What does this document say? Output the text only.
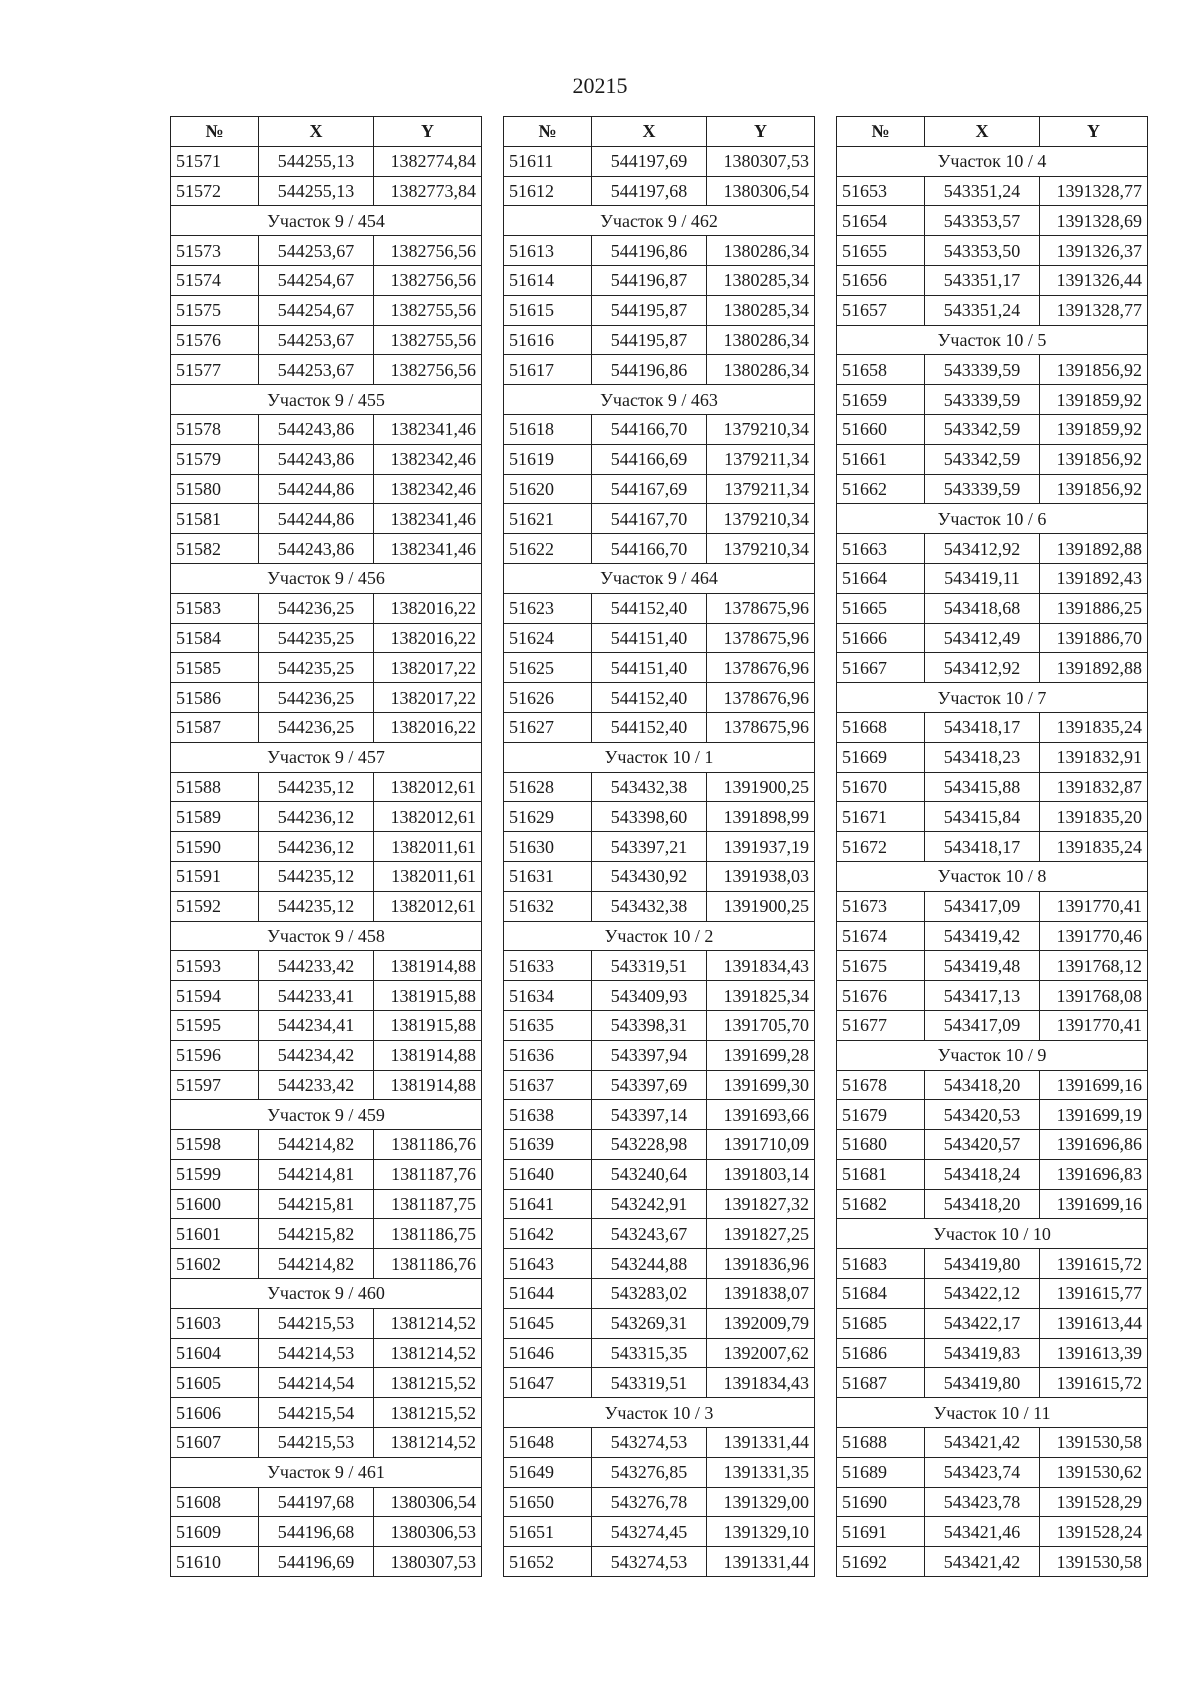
20215
№	X	Y
51571	544255,13	1382774,84
51572	544255,13	1382773,84
Участок 9 / 454		
51573	544253,67	1382756,56
51574	544254,67	1382756,56
51575	544254,67	1382755,56
51576	544253,67	1382755,56
51577	544253,67	1382756,56
Участок 9 / 455		
51578	544243,86	1382341,46
51579	544243,86	1382342,46
51580	544244,86	1382342,46
51581	544244,86	1382341,46
51582	544243,86	1382341,46
Участок 9 / 456		
51583	544236,25	1382016,22
51584	544235,25	1382016,22
51585	544235,25	1382017,22
51586	544236,25	1382017,22
51587	544236,25	1382016,22
Участок 9 / 457		
51588	544235,12	1382012,61
51589	544236,12	1382012,61
51590	544236,12	1382011,61
51591	544235,12	1382011,61
51592	544235,12	1382012,61
Участок 9 / 458		
51593	544233,42	1381914,88
51594	544233,41	1381915,88
51595	544234,41	1381915,88
51596	544234,42	1381914,88
51597	544233,42	1381914,88
Участок 9 / 459		
51598	544214,82	1381186,76
51599	544214,81	1381187,76
51600	544215,81	1381187,75
51601	544215,82	1381186,75
51602	544214,82	1381186,76
Участок 9 / 460		
51603	544215,53	1381214,52
51604	544214,53	1381214,52
51605	544214,54	1381215,52
51606	544215,54	1381215,52
51607	544215,53	1381214,52
Участок 9 / 461		
51608	544197,68	1380306,54
51609	544196,68	1380306,53
51610	544196,69	1380307,53
№	X	Y
51611	544197,69	1380307,53
51612	544197,68	1380306,54
Участок 9 / 462		
51613	544196,86	1380286,34
51614	544196,87	1380285,34
51615	544195,87	1380285,34
51616	544195,87	1380286,34
51617	544196,86	1380286,34
Участок 9 / 463		
51618	544166,70	1379210,34
51619	544166,69	1379211,34
51620	544167,69	1379211,34
51621	544167,70	1379210,34
51622	544166,70	1379210,34
Участок 9 / 464		
51623	544152,40	1378675,96
51624	544151,40	1378675,96
51625	544151,40	1378676,96
51626	544152,40	1378676,96
51627	544152,40	1378675,96
Участок 10 / 1		
51628	543432,38	1391900,25
51629	543398,60	1391898,99
51630	543397,21	1391937,19
51631	543430,92	1391938,03
51632	543432,38	1391900,25
Участок 10 / 2		
51633	543319,51	1391834,43
51634	543409,93	1391825,34
51635	543398,31	1391705,70
51636	543397,94	1391699,28
51637	543397,69	1391699,30
51638	543397,14	1391693,66
51639	543228,98	1391710,09
51640	543240,64	1391803,14
51641	543242,91	1391827,32
51642	543243,67	1391827,25
51643	543244,88	1391836,96
51644	543283,02	1391838,07
51645	543269,31	1392009,79
51646	543315,35	1392007,62
51647	543319,51	1391834,43
Участок 10 / 3		
51648	543274,53	1391331,44
51649	543276,85	1391331,35
51650	543276,78	1391329,00
51651	543274,45	1391329,10
51652	543274,53	1391331,44
№	X	Y
Участок 10 / 4		
51653	543351,24	1391328,77
51654	543353,57	1391328,69
51655	543353,50	1391326,37
51656	543351,17	1391326,44
51657	543351,24	1391328,77
Участок 10 / 5		
51658	543339,59	1391856,92
51659	543339,59	1391859,92
51660	543342,59	1391859,92
51661	543342,59	1391856,92
51662	543339,59	1391856,92
Участок 10 / 6		
51663	543412,92	1391892,88
51664	543419,11	1391892,43
51665	543418,68	1391886,25
51666	543412,49	1391886,70
51667	543412,92	1391892,88
Участок 10 / 7		
51668	543418,17	1391835,24
51669	543418,23	1391832,91
51670	543415,88	1391832,87
51671	543415,84	1391835,20
51672	543418,17	1391835,24
Участок 10 / 8		
51673	543417,09	1391770,41
51674	543419,42	1391770,46
51675	543419,48	1391768,12
51676	543417,13	1391768,08
51677	543417,09	1391770,41
Участок 10 / 9		
51678	543418,20	1391699,16
51679	543420,53	1391699,19
51680	543420,57	1391696,86
51681	543418,24	1391696,83
51682	543418,20	1391699,16
Участок 10 / 10		
51683	543419,80	1391615,72
51684	543422,12	1391615,77
51685	543422,17	1391613,44
51686	543419,83	1391613,39
51687	543419,80	1391615,72
Участок 10 / 11		
51688	543421,42	1391530,58
51689	543423,74	1391530,62
51690	543423,78	1391528,29
51691	543421,46	1391528,24
51692	543421,42	1391530,58
